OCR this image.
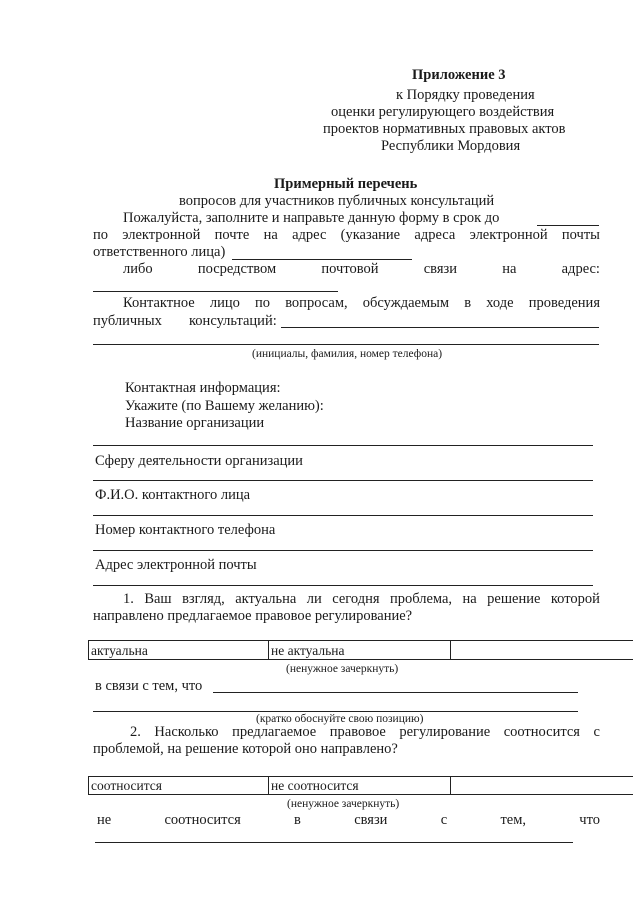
Приложение 3
к Порядку проведения
оценки регулирующего воздействия
проектов нормативных правовых актов
Республики Мордовия
Примерный перечень
вопросов для участников публичных консультаций
Пожалуйста, заполните и направьте данную форму в срок до
по электронной почте на адрес (указание адреса электронной почты
ответственного лица)
либо	посредством	почтовой	связи	на	адрес:
Контактное лицо по вопросам, обсуждаемым в ходе проведения
публичных консультаций:
(инициалы, фамилия, номер телефона)
Контактная информация:
Укажите (по Вашему желанию):
Название организации
Сферу деятельности организации
Ф.И.О. контактного лица
Номер контактного телефона
Адрес электронной почты
1. Ваш взгляд, актуальна ли сегодня проблема, на решение которой
направлено предлагаемое правовое регулирование?
актуальна	не актуальна
(ненужное зачеркнуть)
в связи с тем, что
(кратко обоснуйте свою позицию)
2. Насколько предлагаемое правовое регулирование соотносится с
проблемой, на решение которой оно направлено?
соотносится	не соотносится
(ненужное зачеркнуть)
не	соотносится	в	связи	с	тем,	что
